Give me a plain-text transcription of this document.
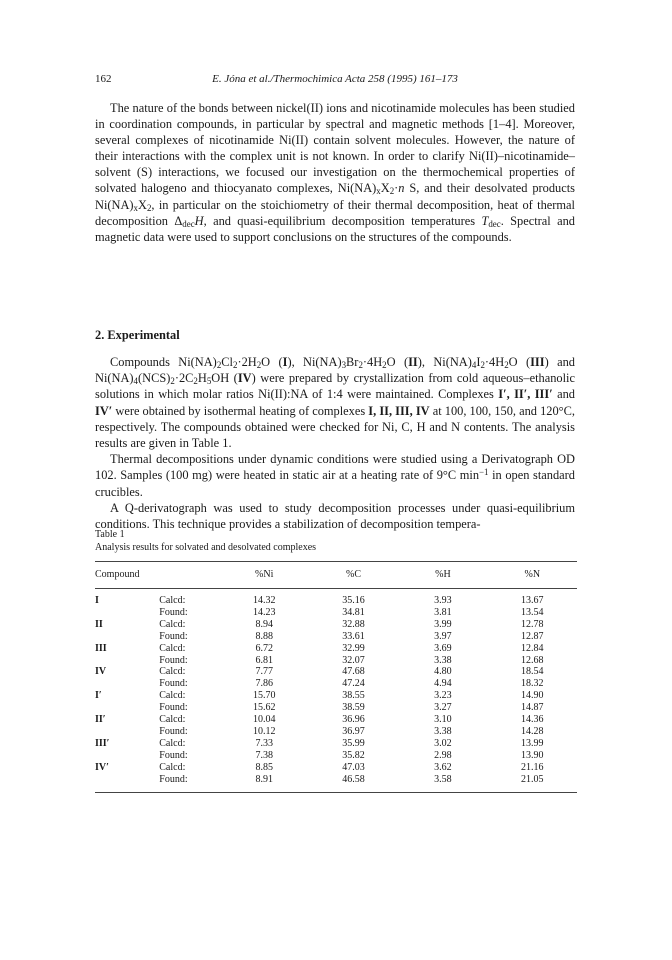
162	E. Jóna et al./Thermochimica Acta 258 (1995) 161–173

The nature of the bonds between nickel(II) ions and nicotinamide molecules has been studied in coordination compounds, in particular by spectral and magnetic methods [1–4]. Moreover, several complexes of nicotinamide Ni(II) contain solvent molecules. However, the nature of their interactions with the complex unit is not known. In order to clarify Ni(II)–nicotinamide–solvent (S) interactions, we focused our investigation on the thermochemical properties of solvated halogeno and thiocyanato complexes, $Ni(NA)_xX_2\cdot n$ S, and their desolvated products $Ni(NA)_xX_2$, in particular on the stoichiometry of their thermal decomposition, heat of thermal decomposition $\Delta_{dec}H$, and quasi-equilibrium decomposition temperatures $T_{dec}$. Spectral and magnetic data were used to support conclusions on the structures of the compounds.

2. Experimental

Compounds $Ni(NA)_2Cl_2\cdot 2H_2O$ (I), $Ni(NA)_3Br_2\cdot 4H_2O$ (II), $Ni(NA)_4I_2\cdot 4H_2O$ (III) and $Ni(NA)_4(NCS)_2\cdot 2C_2H_5OH$ (IV) were prepared by crystallization from cold aqueous–ethanolic solutions in which molar ratios Ni(II):NA of 1:4 were maintained. Complexes I′, II′, III′ and IV′ were obtained by isothermal heating of complexes I, II, III, IV at 100, 100, 150, and 120°C, respectively. The compounds obtained were checked for Ni, C, H and N contents. The analysis results are given in Table 1.

Thermal decompositions under dynamic conditions were studied using a Derivatograph OD 102. Samples (100 mg) were heated in static air at a heating rate of 9°C $\min^{-1}$ in open standard crucibles.

A Q-derivatograph was used to study decomposition processes under quasi-equilibrium conditions. This technique provides a stabilization of decomposition tempera-

Table 1
Analysis results for solvated and desolvated complexes
Compound		%Ni	%C	%H	%N
I	Calcd:	14.32	35.16	3.93	13.67
	Found:	14.23	34.81	3.81	13.54
II	Calcd:	8.94	32.88	3.99	12.78
	Found:	8.88	33.61	3.97	12.87
III	Calcd:	6.72	32.99	3.69	12.84
	Found:	6.81	32.07	3.38	12.68
IV	Calcd:	7.77	47.68	4.80	18.54
	Found:	7.86	47.24	4.94	18.32
I′	Calcd:	15.70	38.55	3.23	14.90
	Found:	15.62	38.59	3.27	14.87
II′	Calcd:	10.04	36.96	3.10	14.36
	Found:	10.12	36.97	3.38	14.28
III′	Calcd:	7.33	35.99	3.02	13.99
	Found:	7.38	35.82	2.98	13.90
IV′	Calcd:	8.85	47.03	3.62	21.16
	Found:	8.91	46.58	3.58	21.05
